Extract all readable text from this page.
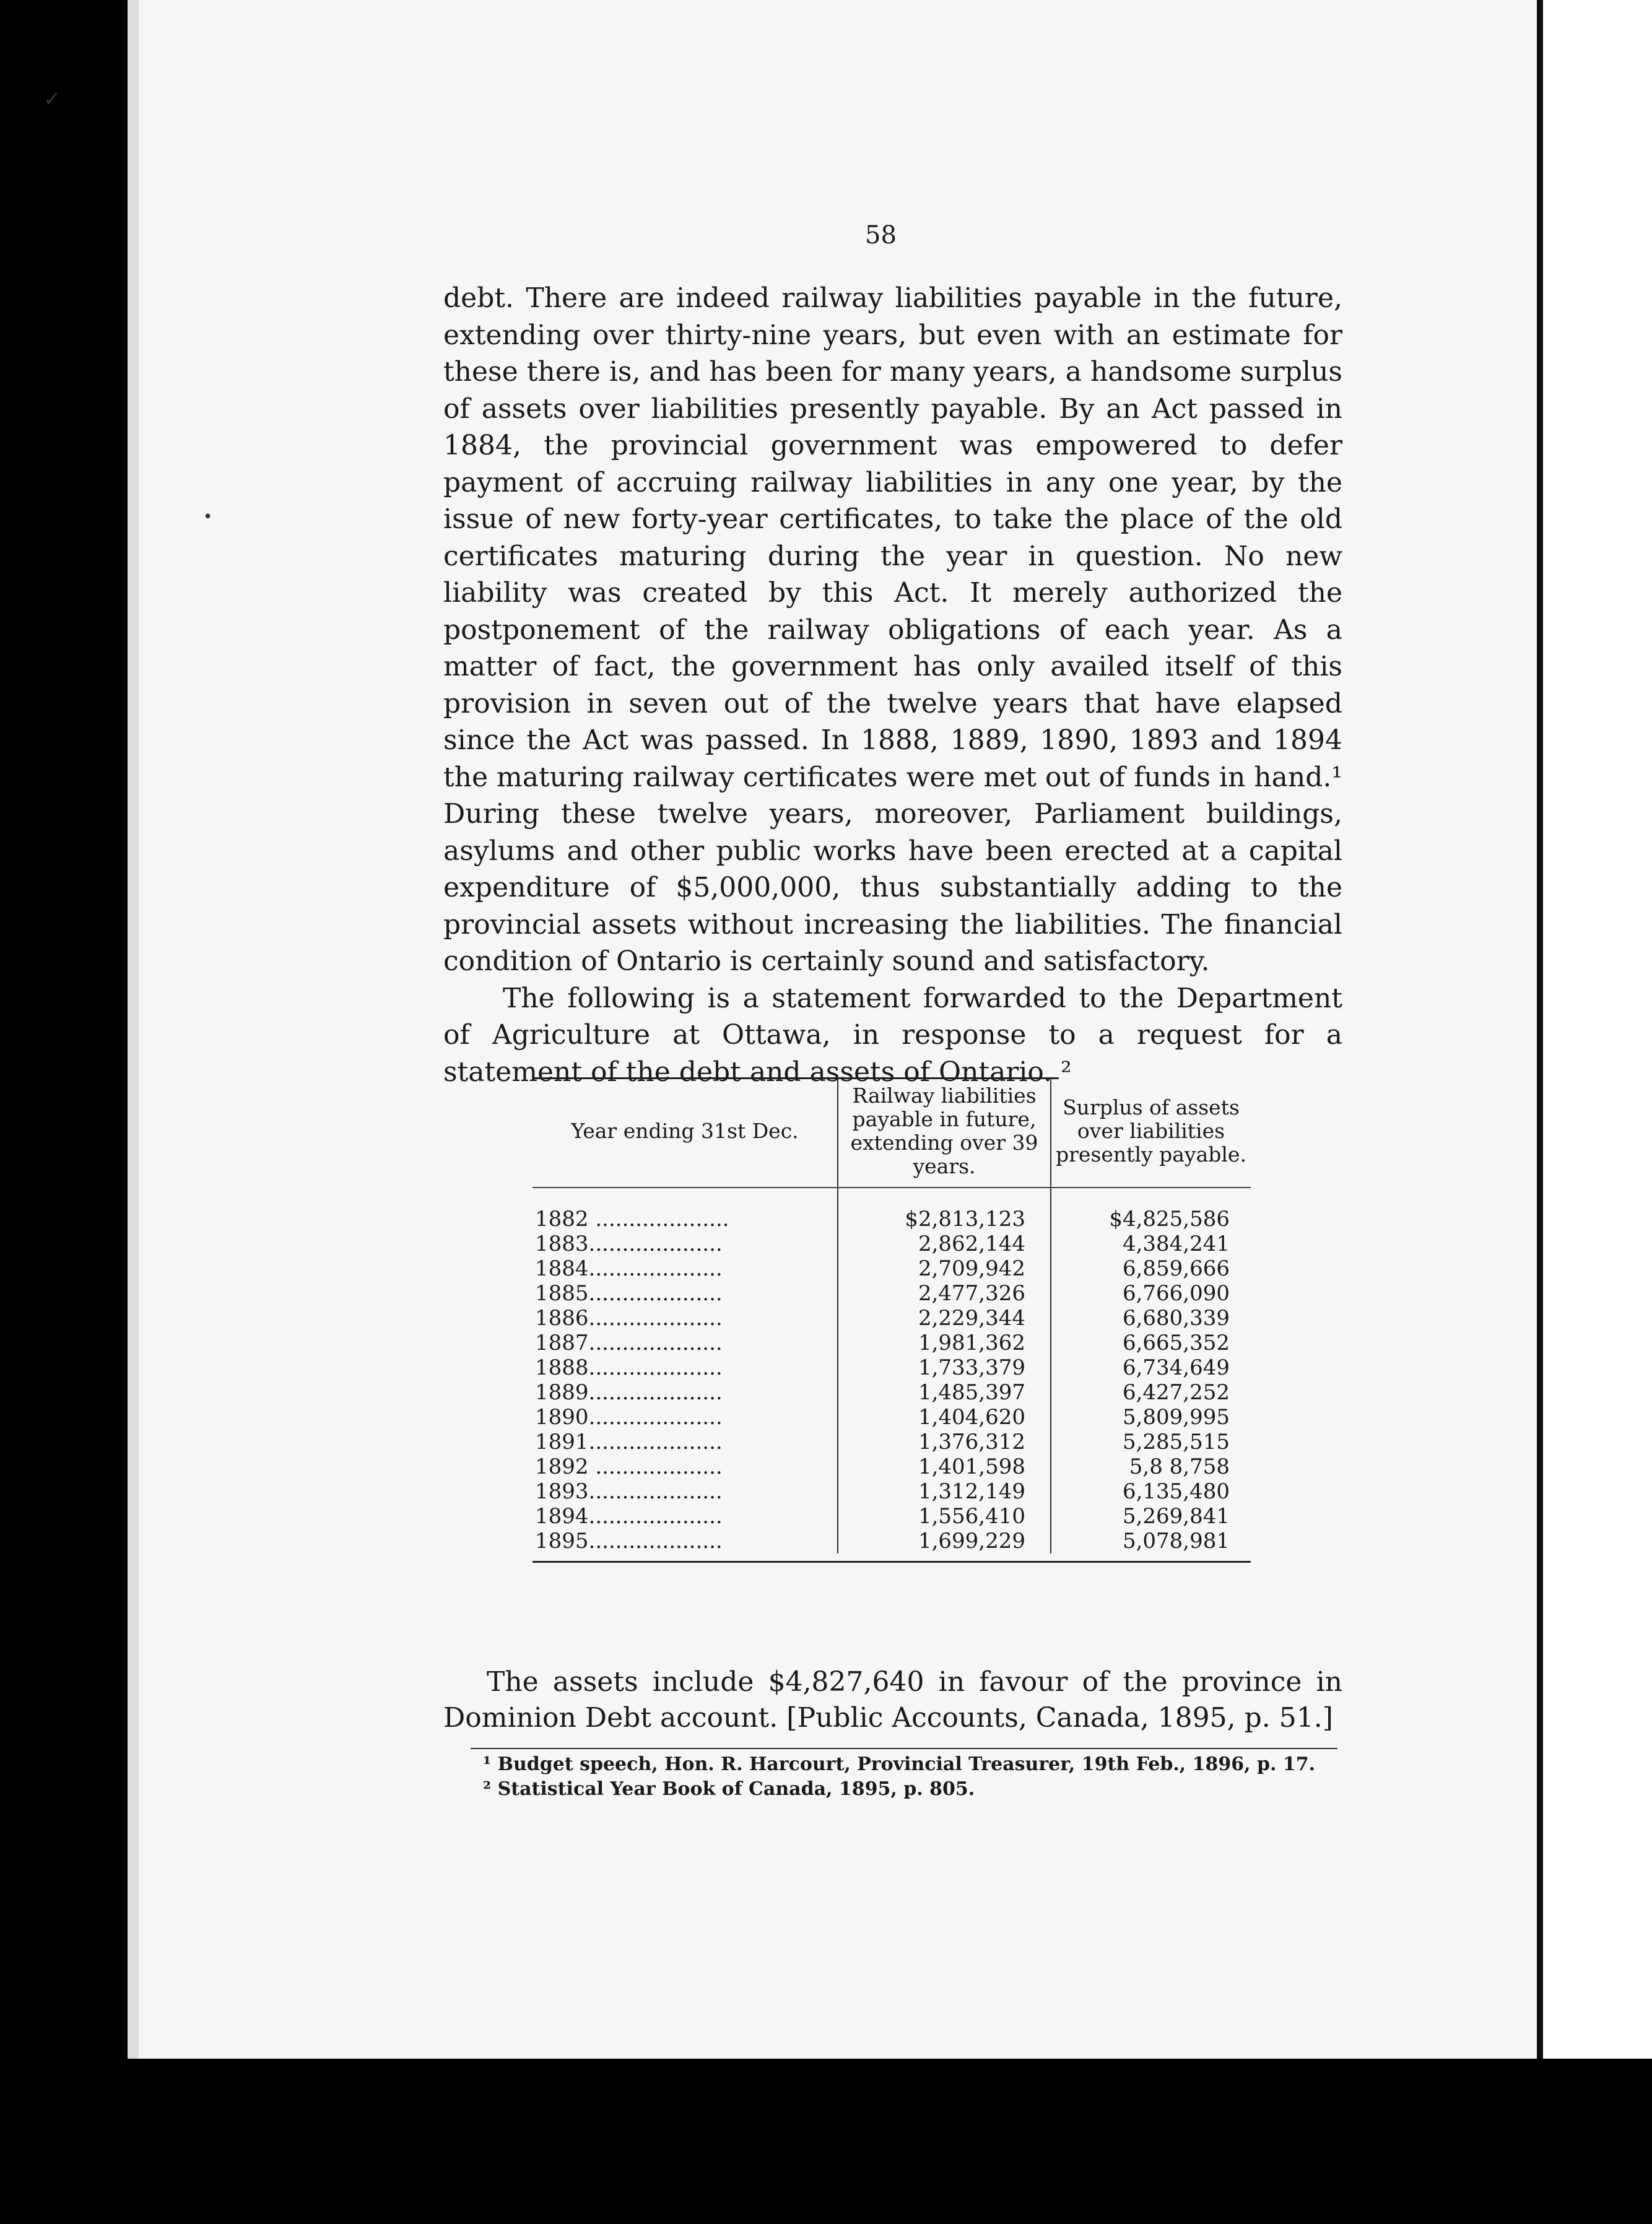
✓
•
58

debt. There are indeed railway liabilities payable in the future, extending over thirty-nine years, but even with an estimate for these there is, and has been for many years, a handsome surplus of assets over liabilities presently payable. By an Act passed in 1884, the provincial government was empowered to defer payment of accruing railway liabilities in any one year, by the issue of new forty-year certificates, to take the place of the old certificates maturing during the year in question. No new liability was created by this Act. It merely authorized the postponement of the railway obligations of each year. As a matter of fact, the government has only availed itself of this provision in seven out of the twelve years that have elapsed since the Act was passed. In 1888, 1889, 1890, 1893 and 1894 the maturing railway certificates were met out of funds in hand.¹ During these twelve years, moreover, Parliament buildings, asylums and other public works have been erected at a capital expenditure of $5,000,000, thus substantially adding to the provincial assets without increasing the liabilities. The financial condition of Ontario is certainly sound and satisfactory.

The following is a statement forwarded to the Department of Agriculture at Ottawa, in response to a request for a statement of the debt and assets of Ontario. ²

Year ending 31st Dec.	Railway liabilities payable in future, extending over 39 years.	Surplus of assets over liabilities presently payable.

1882 ....................	$2,813,123	$4,825,586
1883....................	2,862,144	4,384,241
1884....................	2,709,942	6,859,666
1885....................	2,477,326	6,766,090
1886....................	2,229,344	6,680,339
1887....................	1,981,362	6,665,352
1888....................	1,733,379	6,734,649
1889....................	1,485,397	6,427,252
1890....................	1,404,620	5,809,995
1891....................	1,376,312	5,285,515
1892 ...................	1,401,598	5,8 8,758
1893....................	1,312,149	6,135,480
1894....................	1,556,410	5,269,841
1895....................	1,699,229	5,078,981

The assets include $4,827,640 in favour of the province in Dominion Debt account. [Public Accounts, Canada, 1895, p. 51.]

¹ Budget speech, Hon. R. Harcourt, Provincial Treasurer, 19th Feb., 1896, p. 17.

² Statistical Year Book of Canada, 1895, p. 805.
